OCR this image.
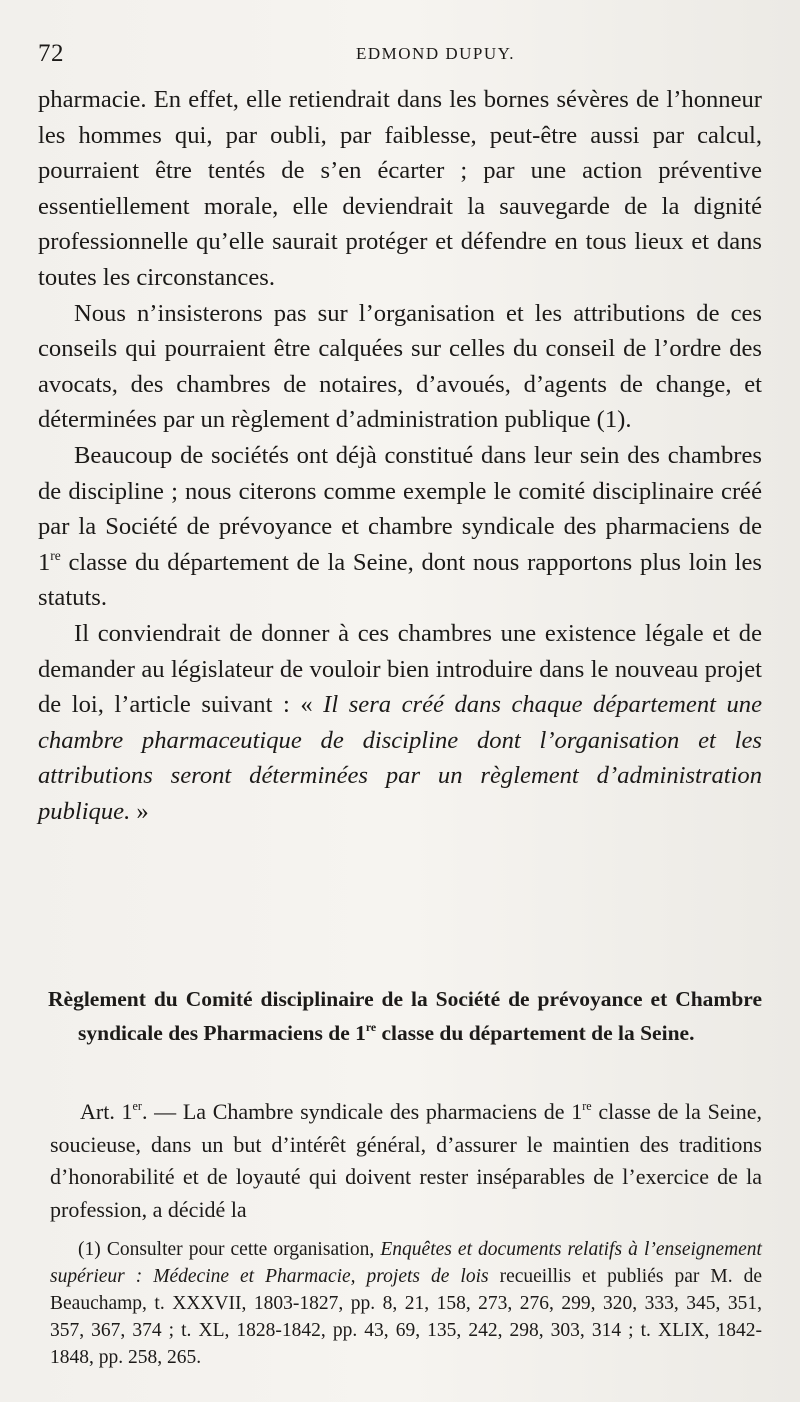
72	EDMOND DUPUY.

pharmacie. En effet, elle retiendrait dans les bornes sévères de l’honneur les hommes qui, par oubli, par faiblesse, peut-être aussi par calcul, pourraient être tentés de s’en écarter ; par une action préventive essentiellement morale, elle deviendrait la sauvegarde de la dignité professionnelle qu’elle saurait protéger et défendre en tous lieux et dans toutes les circonstances.

Nous n’insisterons pas sur l’organisation et les attributions de ces conseils qui pourraient être calquées sur celles du conseil de l’ordre des avocats, des chambres de notaires, d’avoués, d’agents de change, et déterminées par un règlement d’administration publique (1).

Beaucoup de sociétés ont déjà constitué dans leur sein des chambres de discipline ; nous citerons comme exemple le comité disciplinaire créé par la Société de prévoyance et chambre syndicale des pharmaciens de 1re classe du département de la Seine, dont nous rapportons plus loin les statuts.

Il conviendrait de donner à ces chambres une existence légale et de demander au législateur de vouloir bien introduire dans le nouveau projet de loi, l’article suivant : « Il sera créé dans chaque département une chambre pharmaceutique de discipline dont l’organisation et les attributions seront déterminées par un règlement d’administration publique. »

Règlement du Comité disciplinaire de la Société de prévoyance et Chambre syndicale des Pharmaciens de 1re classe du département de la Seine.
Art. 1er. — La Chambre syndicale des pharmaciens de 1re classe de la Seine, soucieuse, dans un but d’intérêt général, d’assurer le maintien des traditions d’honorabilité et de loyauté qui doivent rester inséparables de l’exercice de la profession, a décidé la
(1) Consulter pour cette organisation, Enquêtes et documents relatifs à l’enseignement supérieur : Médecine et Pharmacie, projets de lois recueillis et publiés par M. de Beauchamp, t. XXXVII, 1803-1827, pp. 8, 21, 158, 273, 276, 299, 320, 333, 345, 351, 357, 367, 374 ; t. XL, 1828-1842, pp. 43, 69, 135, 242, 298, 303, 314 ; t. XLIX, 1842-1848, pp. 258, 265.
